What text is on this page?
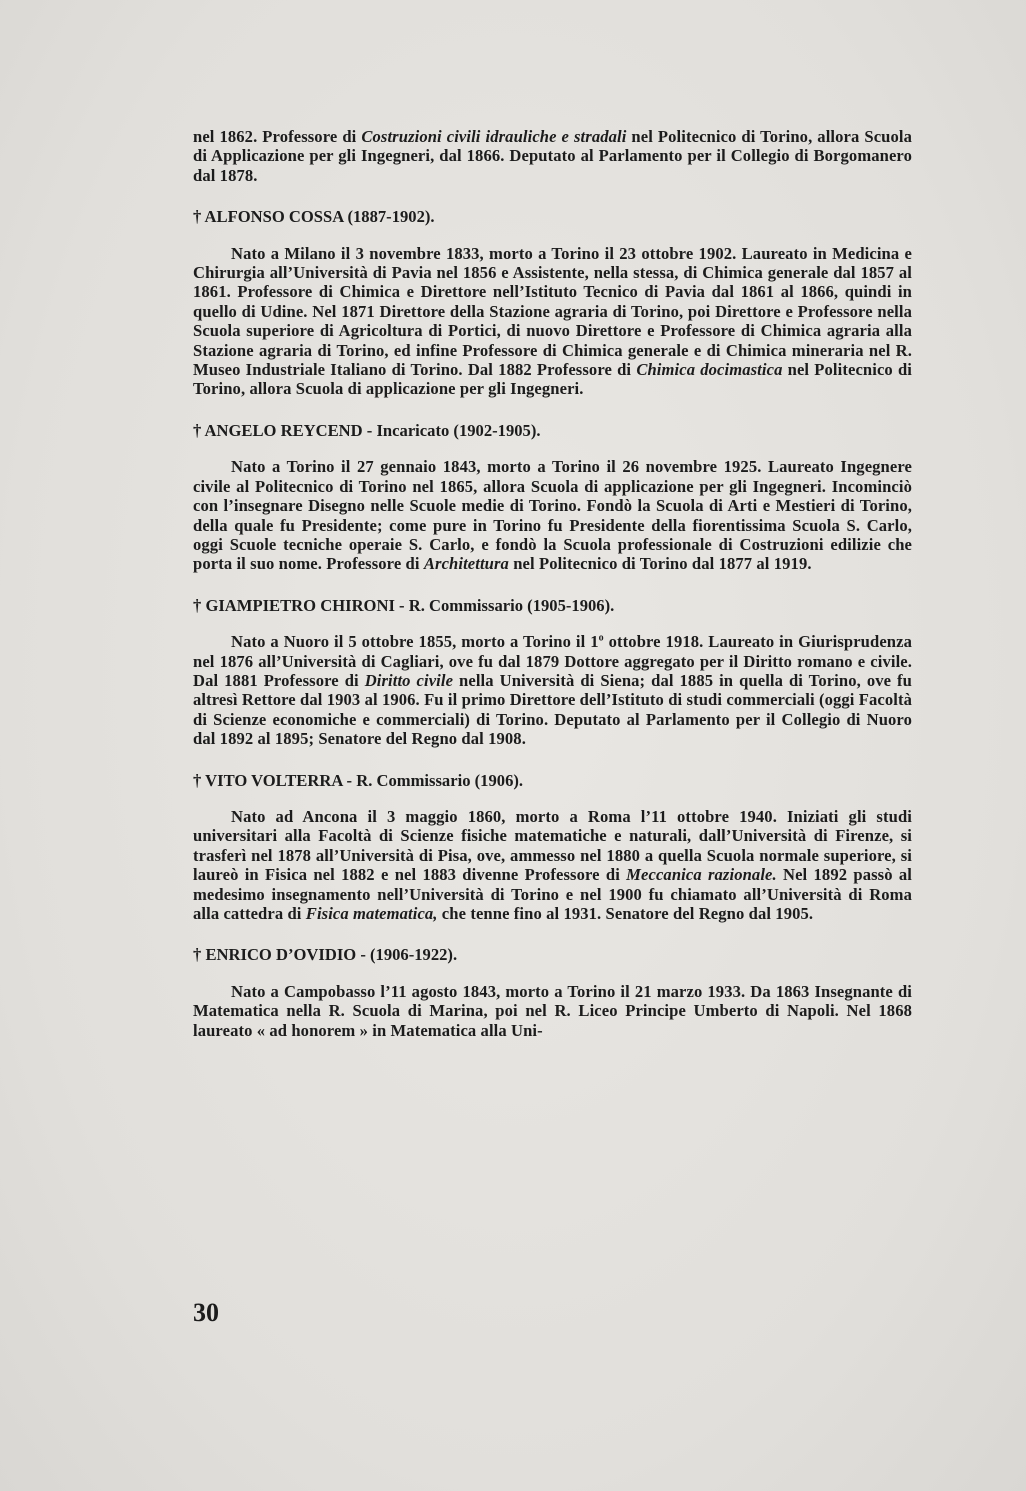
nel 1862. Professore di Costruzioni civili idrauliche e stradali nel Politecnico di Torino, allora Scuola di Applicazione per gli Ingegneri, dal 1866. Deputato al Parlamento per il Collegio di Borgomanero dal 1878.

† ALFONSO COSSA (1887-1902).

Nato a Milano il 3 novembre 1833, morto a Torino il 23 ottobre 1902. Laureato in Medicina e Chirurgia all’Università di Pavia nel 1856 e Assistente, nella stessa, di Chimica generale dal 1857 al 1861. Professore di Chimica e Direttore nell’Istituto Tecnico di Pavia dal 1861 al 1866, quindi in quello di Udine. Nel 1871 Direttore della Stazione agraria di Torino, poi Direttore e Professore nella Scuola superiore di Agricoltura di Portici, di nuovo Direttore e Professore di Chimica agraria alla Stazione agraria di Torino, ed infine Professore di Chimica generale e di Chimica mineraria nel R. Museo Industriale Italiano di Torino. Dal 1882 Professore di Chimica docimastica nel Politecnico di Torino, allora Scuola di applicazione per gli Ingegneri.

† ANGELO REYCEND - Incaricato (1902-1905).

Nato a Torino il 27 gennaio 1843, morto a Torino il 26 novembre 1925. Laureato Ingegnere civile al Politecnico di Torino nel 1865, allora Scuola di applicazione per gli Ingegneri. Incominciò con l’insegnare Disegno nelle Scuole medie di Torino. Fondò la Scuola di Arti e Mestieri di Torino, della quale fu Presidente; come pure in Torino fu Presidente della fiorentissima Scuola S. Carlo, oggi Scuole tecniche operaie S. Carlo, e fondò la Scuola professionale di Costruzioni edilizie che porta il suo nome. Professore di Architettura nel Politecnico di Torino dal 1877 al 1919.

† GIAMPIETRO CHIRONI - R. Commissario (1905-1906).

Nato a Nuoro il 5 ottobre 1855, morto a Torino il 1$^o$ ottobre 1918. Laureato in Giurisprudenza nel 1876 all’Università di Cagliari, ove fu dal 1879 Dottore aggregato per il Diritto romano e civile. Dal 1881 Professore di Diritto civile nella Università di Siena; dal 1885 in quella di Torino, ove fu altresì Rettore dal 1903 al 1906. Fu il primo Direttore dell’Istituto di studi commerciali (oggi Facoltà di Scienze economiche e commerciali) di Torino. Deputato al Parlamento per il Collegio di Nuoro dal 1892 al 1895; Senatore del Regno dal 1908.

† VITO VOLTERRA - R. Commissario (1906).

Nato ad Ancona il 3 maggio 1860, morto a Roma l’11 ottobre 1940. Iniziati gli studi universitari alla Facoltà di Scienze fisiche matematiche e naturali, dall’Università di Firenze, si trasferì nel 1878 all’Università di Pisa, ove, ammesso nel 1880 a quella Scuola normale superiore, si laureò in Fisica nel 1882 e nel 1883 divenne Professore di Meccanica razionale. Nel 1892 passò al medesimo insegnamento nell’Università di Torino e nel 1900 fu chiamato all’Università di Roma alla cattedra di Fisica matematica, che tenne fino al 1931. Senatore del Regno dal 1905.

† ENRICO D’OVIDIO - (1906-1922).

Nato a Campobasso l’11 agosto 1843, morto a Torino il 21 marzo 1933. Da 1863 Insegnante di Matematica nella R. Scuola di Marina, poi nel R. Liceo Principe Umberto di Napoli. Nel 1868 laureato « ad honorem » in Matematica alla Uni-

30
